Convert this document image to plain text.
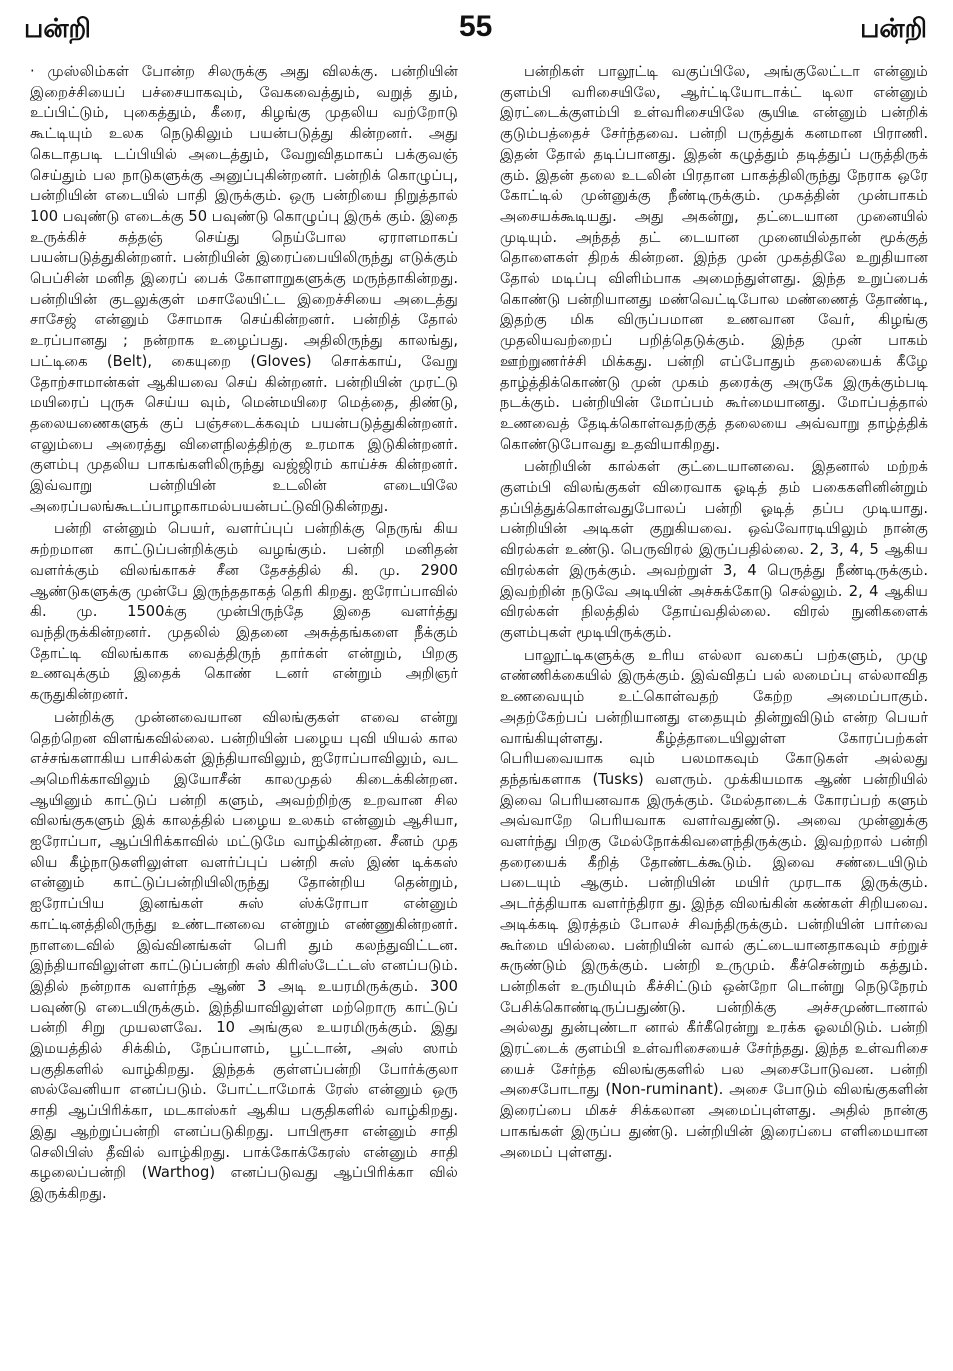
பன்றி	55	பன்றி

· முஸ்லிம்கள் போன்ற சிலருக்கு அது விலக்கு. பன்றியின் இறைச்சியைப் பச்சையாகவும், வேகவைத்தும், வறுத் தும், உப்பிட்டும், புகைத்தும், கீரை, கிழங்கு முதலிய வற்றோடு கூட்டியும் உலக நெடுகிலும் பயன்படுத்து கின்றனர். அது கெடாதபடி டப்பியில் அடைத்தும், வேறுவிதமாகப் பக்குவஞ் செய்தும் பல நாடுகளுக்கு அனுப்புகின்றனர். பன்றிக் கொழுப்பு, பன்றியின் எடையில் பாதி இருக்கும். ஒரு பன்றியை நிறுத்தால் 100 பவுண்டு எடைக்கு 50 பவுண்டு கொழுப்பு இருக் கும். இதை உருக்கிச் சுத்தஞ் செய்து நெய்போல ஏராளமாகப் பயன்படுத்துகின்றனர். பன்றியின் இரைப்பையிலிருந்து எடுக்கும் பெப்சின் மனித இரைப் பைக் கோளாறுகளுக்கு மருந்தாகின்றது. பன்றியின் குடலுக்குள் மசாலேயிட்ட இறைச்சியை அடைத்து சாசேஜ் என்னும் சோமாசு செய்கின்றனர். பன்றித் தோல் உரப்பானது ; நன்றாக உழைப்பது. அதிலிருந்து காலங்து, பட்டிகை (Belt), கையுறை (Gloves) சொக்காய், வேறு தோற்சாமான்கள் ஆகியவை செய் கின்றனர். பன்றியின் முரட்டு மயிரைப் புருசு செய்ய வும், மென்மயிரை மெத்தை, திண்டு, தலையணைகளுக் குப் பஞ்சடைக்கவும் பயன்படுத்துகின்றனர். எலும்பை அரைத்து விளைநிலத்திற்கு உரமாக இடுகின்றனர். குளம்பு முதலிய பாகங்களிலிருந்து வஜ்ஜிரம் காய்ச்சு கின்றனர். இவ்வாறு பன்றியின் உடலின் எடையிலே அரைப்பலங்கூடப்பாழாகாமல்பயன்பட்டுவிடுகின்றது.

பன்றி என்னும் பெயர், வளர்ப்புப் பன்றிக்கு நெருங் கிய சுற்றமான காட்டுப்பன்றிக்கும் வழங்கும். பன்றி மனிதன் வளர்க்கும் விலங்காகச் சீன தேசத்தில் கி. மு. 2900 ஆண்டுகளுக்கு முன்பே இருந்ததாகத் தெரி கிறது. ஐரோப்பாவில் கி. மு. 1500க்கு முன்பிருந்தே இதை வளர்த்து வந்திருக்கின்றனர். முதலில் இதனை அசுத்தங்களை நீக்கும் தோட்டி விலங்காக வைத்திருந் தார்கள் என்றும், பிறகு உணவுக்கும் இதைக் கொண் டனர் என்றும் அறிஞர் கருதுகின்றனர்.

பன்றிக்கு முன்னவையான விலங்குகள் எவை என்று தெற்றென விளங்கவில்லை. பன்றியின் பழைய புவி யியல் கால எச்சங்களாகிய பாசில்கள் இந்தியாவிலும், ஐரோப்பாவிலும், வட அமெரிக்காவிலும் இயோசீன் காலமுதல் கிடைக்கின்றன. ஆயினும் காட்டுப் பன்றி களும், அவற்றிற்கு உறவான சில விலங்குகளும் இக் காலத்தில் பழைய உலகம் என்னும் ஆசியா, ஐரோப்பா, ஆப்பிரிக்காவில் மட்டுமே வாழ்கின்றன. சீனம் முத லிய கீழ்நாடுகளிலுள்ள வளர்ப்புப் பன்றி சுஸ் இண் டிக்கஸ் என்னும் காட்டுப்பன்றியிலிருந்து தோன்றிய தென்றும், ஐரோப்பிய இனங்கள் சுஸ் ஸ்க்ரோபா என்னும் காட்டினத்திலிருந்து உண்டானவை என்றும் எண்ணுகின்றனர். நாளடைவில் இவ்வினங்கள் பெரி தும் கலந்துவிட்டன. இந்தியாவிலுள்ள காட்டுப்பன்றி சுஸ் கிரிஸ்டேட்டஸ் எனப்படும். இதில் நன்றாக வளர்ந்த ஆண் 3 அடி உயரமிருக்கும். 300 பவுண்டு எடையிருக்கும். இந்தியாவிலுள்ள மற்றொரு காட்டுப் பன்றி சிறு முயலளவே. 10 அங்குல உயரமிருக்கும். இது இமயத்தில் சிக்கிம், நேப்பாளம், பூட்டான், அஸ் ஸாம் பகுதிகளில் வாழ்கிறது. இந்தக் குள்ளப்பன்றி போர்க்குலா ஸல்வேனியா எனப்படும். போட்டாமோக் ரேஸ் என்னும் ஒரு சாதி ஆப்பிரிக்கா, மடகாஸ்கர் ஆகிய பகுதிகளில் வாழ்கிறது. இது ஆற்றுப்பன்றி எனப்படுகிறது. பாபிரூசா என்னும் சாதி செலிபிஸ் தீவில் வாழ்கிறது. பாக்கோக்கேரஸ் என்னும் சாதி கழலைப்பன்றி (Warthog) எனப்படுவது ஆப்பிரிக்கா வில் இருக்கிறது.

பன்றிகள் பாலூட்டி வகுப்பிலே, அங்குலேட்டா என்னும் குளம்பி வரிசையிலே, ஆர்ட்டியோடாக்ட் டிலா என்னும் இரட்டைக்குளம்பி உள்வரிசையிலே சூயிடீ என்னும் பன்றிக் குடும்பத்தைச் சேர்ந்தவை. பன்றி பருத்துக் கனமான பிராணி. இதன் தோல் தடிப்பானது. இதன் கழுத்தும் தடித்துப் பருத்திருக் கும். இதன் தலை உடலின் பிரதான பாகத்திலிருந்து நேராக ஒரே கோட்டில் முன்னுக்கு நீண்டிருக்கும். முகத்தின் முன்பாகம் அசையக்கூடியது. அது அகன்று, தட்டையான முனையில் முடியும். அந்தத் தட் டையான முனையில்தான் மூக்குத் தொளைகள் திறக் கின்றன. இந்த முன் முகத்திலே உறுதியான தோல் மடிப்பு விளிம்பாக அமைந்துள்ளது. இந்த உறுப்பைக் கொண்டு பன்றியானது மண்வெட்டிபோல மண்ணைத் தோண்டி, இதற்கு மிக விருப்பமான உணவான வேர், கிழங்கு முதலியவற்றைப் பறித்தெடுக்கும். இந்த முன் பாகம் ஊற்றுணர்ச்சி மிக்கது. பன்றி எப்போதும் தலையைக் கீழே தாழ்த்திக்கொண்டு முன் முகம் தரைக்கு அருகே இருக்கும்படி நடக்கும். பன்றியின் மோப்பம் கூர்மையானது. மோப்பத்தால் உணவைத் தேடிக்கொள்வதற்குத் தலையை அவ்வாறு தாழ்த்திக் கொண்டுபோவது உதவியாகிறது.

பன்றியின் கால்கள் குட்டையானவை. இதனால் மற்றக் குளம்பி விலங்குகள் விரைவாக ஓடித் தம் பகைகளினின்றும் தப்பித்துக்கொள்வதுபோலப் பன்றி ஓடித் தப்ப முடியாது. பன்றியின் அடிகள் குறுகியவை. ஒவ்வோரடியிலும் நான்கு விரல்கள் உண்டு. பெருவிரல் இருப்பதில்லை. 2, 3, 4, 5 ஆகிய விரல்கள் இருக்கும். அவற்றுள் 3, 4 பெருத்து நீண்டிருக்கும். இவற்றின் நடுவே அடியின் அச்சுக்கோடு செல்லும். 2, 4 ஆகிய விரல்கள் நிலத்தில் தோய்வதில்லை. விரல் நுனிகளைக் குளம்புகள் மூடியிருக்கும்.

பாலூட்டிகளுக்கு உரிய எல்லா வகைப் பற்களும், முழு எண்ணிக்கையில் இருக்கும். இவ்விதப் பல் லமைப்பு எல்லாவித உணவையும் உட்கொள்வதற் கேற்ற அமைப்பாகும். அதற்கேற்பப் பன்றியானது எதையும் தின்றுவிடும் என்ற பெயர் வாங்கியுள்ளது. கீழ்த்தாடையிலுள்ள கோரப்பற்கள் பெரியவையாக வும் பலமாகவும் கோடுகள் அல்லது தந்தங்களாக (Tusks) வளரும். முக்கியமாக ஆண் பன்றியில் இவை பெரியனவாக இருக்கும். மேல்தாடைக் கோரப்பற் களும் அவ்வாறே பெரியவாக வளர்வதுண்டு. அவை முன்னுக்கு வளர்ந்து பிறகு மேல்நோக்கிவளைந்திருக்கும். இவற்றால் பன்றி தரையைக் கீறித் தோண்டக்கூடும். இவை சண்டையிடும் படையும் ஆகும். பன்றியின் மயிர் முரடாக இருக்கும். அடர்த்தியாக வளர்ந்திரா து. இந்த விலங்கின் கண்கள் சிறியவை. அடிக்கடி இரத்தம் போலச் சிவந்திருக்கும். பன்றியின் பார்வை கூர்மை யில்லை. பன்றியின் வால் குட்டையானதாகவும் சற்றுச் சுருண்டும் இருக்கும். பன்றி உருமும். கீச்சென்றும் கத்தும். பன்றிகள் உருமியும் கீச்சிட்டும் ஒன்றோ டொன்று நெடுநேரம் பேசிக்கொண்டிருப்பதுண்டு. பன்றிக்கு அச்சமுண்டானால் அல்லது துன்புண்டா னால் கீர்கீரென்று உரக்க ஓலமிடும். பன்றி இரட்டைக் குளம்பி உள்வரிசையைச் சேர்ந்தது. இந்த உள்வரிசை யைச் சேர்ந்த விலங்குகளில் பல அசைபோடுவன. பன்றி அசைபோடாது (Non-ruminant). அசை போடும் விலங்குகளின் இரைப்பை மிகச் சிக்கலான அமைப்புள்ளது. அதில் நான்கு பாகங்கள் இருப்ப துண்டு. பன்றியின் இரைப்பை எளிமையான அமைப் புள்ளது.
